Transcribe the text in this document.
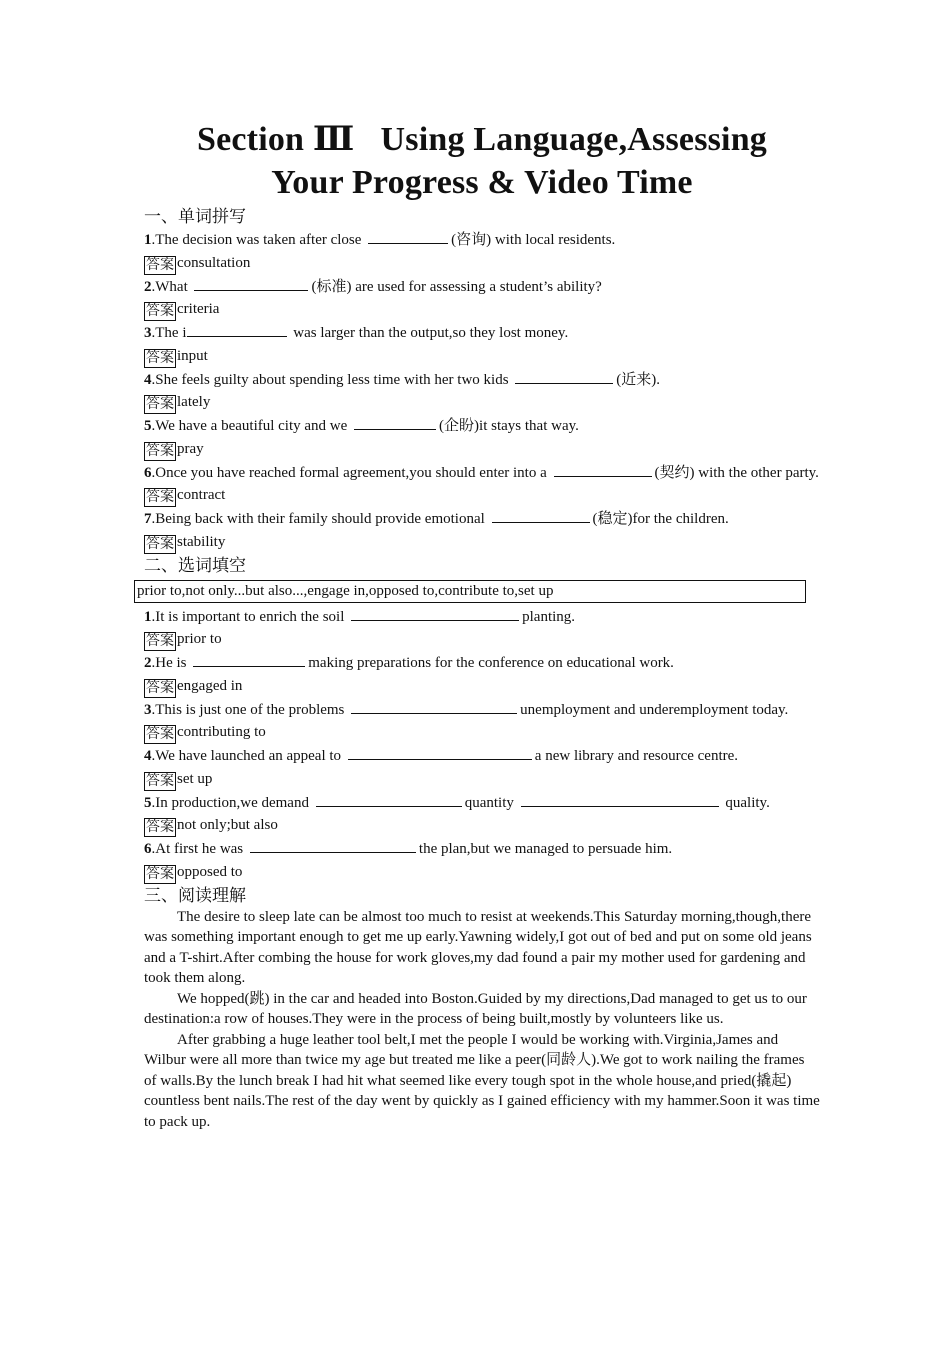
Section Ⅲ   Using Language,Assessing
Your Progress & Video Time
一、单词拼写
1.The decision was taken after close	(咨询) with local residents.
答案 consultation
2.What	(标准) are used for assessing a student’s ability?
答案 criteria
3.The i	was larger than the output,so they lost money.
答案 input
4.She feels guilty about spending less time with her two kids	(近来).
答案 lately
5.We have a beautiful city and we	(企盼)it stays that way.
答案 pray
6.Once you have reached formal agreement,you should enter into a	(契约) with the other party.
答案 contract
7.Being back with their family should provide emotional	(稳定)for the children.
答案 stability
二、选词填空
prior to,not only...but also...,engage in,opposed to,contribute to,set up
1.It is important to enrich the soil	planting.
答案 prior to
2.He is	making preparations for the conference on educational work.
答案 engaged in
3.This is just one of the problems	unemployment and underemployment today.
答案 contributing to
4.We have launched an appeal to	a new library and resource centre.
答案 set up
5.In production,we demand	quantity	quality.
答案 not only;but also
6.At first he was	the plan,but we managed to persuade him.
答案 opposed to
三、阅读理解

The desire to sleep late can be almost too much to resist at weekends.This Saturday morning,though,there was something important enough to get me up early.Yawning widely,I got out of bed and put on some old jeans and a T-shirt.After combing the house for work gloves,my dad found a pair my mother used for gardening and took them along.

We hopped(跳) in the car and headed into Boston.Guided by my directions,Dad managed to get us to our destination:a row of houses.They were in the process of being built,mostly by volunteers like us.

After grabbing a huge leather tool belt,I met the people I would be working with.Virginia,James and Wilbur were all more than twice my age but treated me like a peer(同龄人).We got to work nailing the frames of walls.By the lunch break I had hit what seemed like every tough spot in the whole house,and pried(撬起) countless bent nails.The rest of the day went by quickly as I gained efficiency with my hammer.Soon it was time to pack up.
